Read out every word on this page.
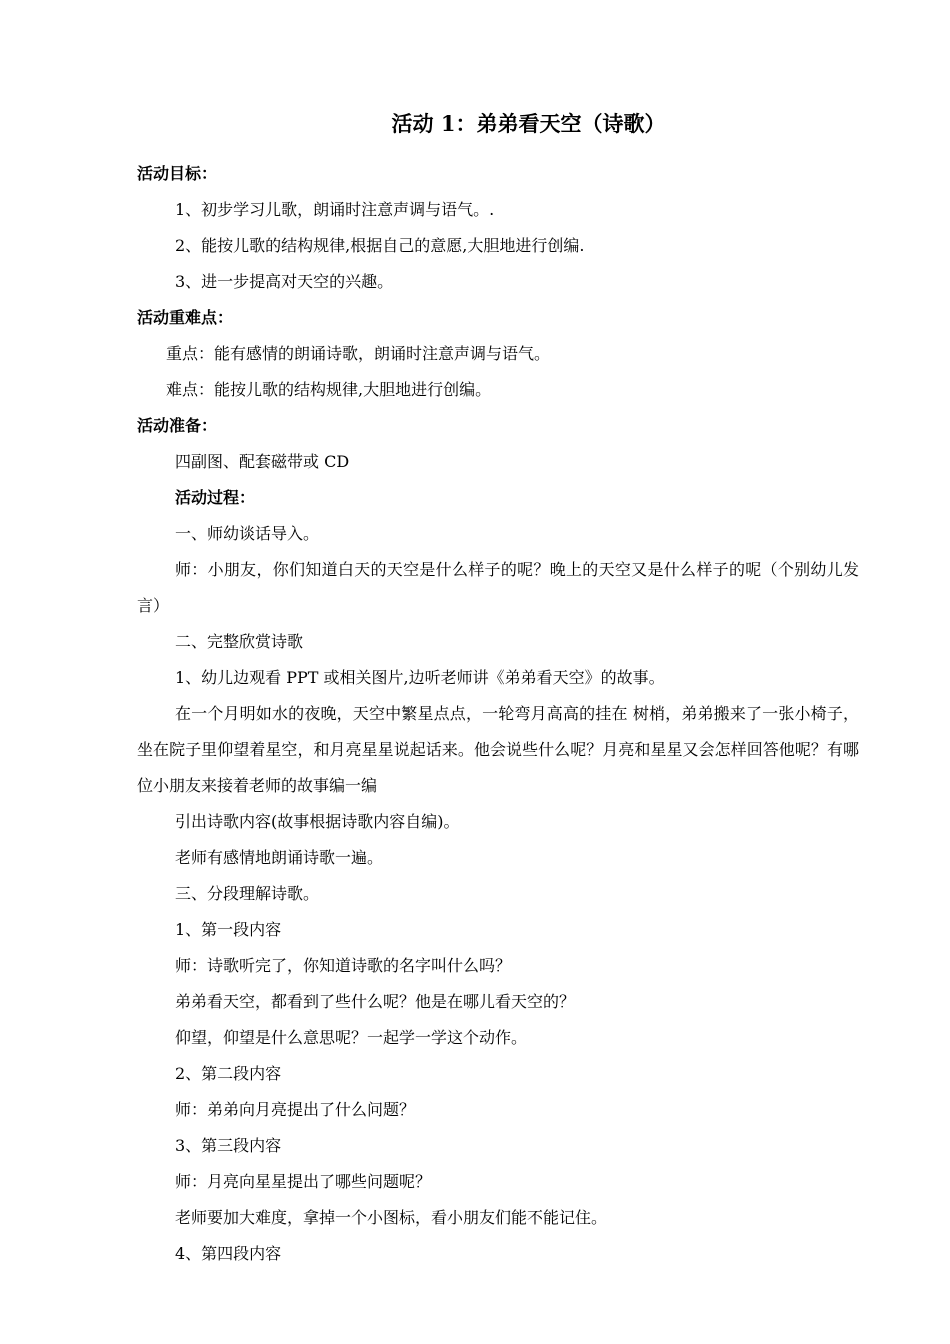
活动 1：弟弟看天空（诗歌）
活动目标：
1、初步学习儿歌，朗诵时注意声调与语气。.
2、能按儿歌的结构规律,根据自己的意愿,大胆地进行创编.
3、进一步提高对天空的兴趣。
活动重难点：
重点：能有感情的朗诵诗歌，朗诵时注意声调与语气。
难点：能按儿歌的结构规律,大胆地进行创编。
活动准备：
四副图、配套磁带或 CD
活动过程：
一、师幼谈话导入。
师：小朋友，你们知道白天的天空是什么样子的呢？晚上的天空又是什么样子的呢（个别幼儿发言）
二、完整欣赏诗歌
1、幼儿边观看 PPT 或相关图片,边听老师讲《弟弟看天空》的故事。
在一个月明如水的夜晚，天空中繁星点点，一轮弯月高高的挂在 树梢，弟弟搬来了一张小椅子，坐在院子里仰望着星空，和月亮星星说起话来。他会说些什么呢？月亮和星星又会怎样回答他呢？有哪位小朋友来接着老师的故事编一编
引出诗歌内容(故事根据诗歌内容自编)。
老师有感情地朗诵诗歌一遍。
三、分段理解诗歌。
1、第一段内容
师：诗歌听完了，你知道诗歌的名字叫什么吗？
弟弟看天空，都看到了些什么呢？他是在哪儿看天空的？
仰望，仰望是什么意思呢？一起学一学这个动作。
2、第二段内容
师：弟弟向月亮提出了什么问题？
3、第三段内容
师：月亮向星星提出了哪些问题呢？
老师要加大难度，拿掉一个小图标，看小朋友们能不能记住。
4、第四段内容
